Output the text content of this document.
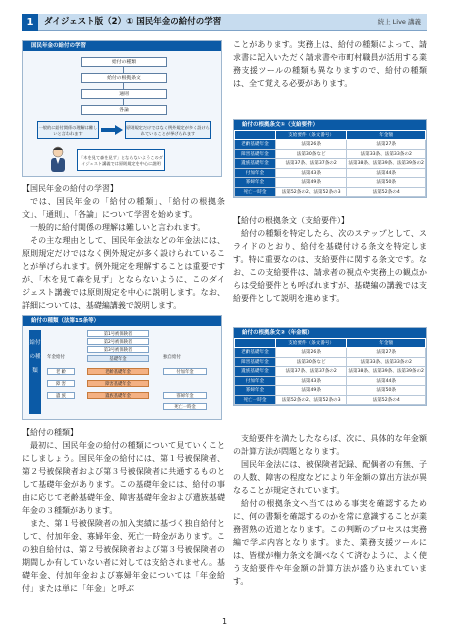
1	ダイジェスト版（2）① 国民年金の給付の学習	続上 Live 講義
国民年金の給付の学習
給付の種類
給付の根拠条文
通則
各論
一般的に給付関係の理解は難しいと言われます
原則規定だけではなく例外規定が多く設けられていることが挙げられます
「木を見て森を見ず」とならないようこのダイジェスト講義では原則規定を中心に説明

【国民年金の給付の学習】

では、国民年金の「給付の種類」、「給付の根拠条文」、「通則」、「各論」について学習を始めます。

一般的に給付関係の理解は難しいと言われます。

その主な理由として、国民年金法などの年金法には、原則規定だけではなく例外規定が多く設けられていることが挙げられます。例外規定を理解することは重要ですが、「木を見て森を見ず」とならないように、このダイジェスト講義では原則規定を中心に説明します。なお、詳細については、基礎編講義で説明します。

給付の種類（法第15条等）
給付の種類
第1号被保険者
第2号被保険者
第3号被保険者
年金給付	独自給付
基礎年金
老 齢	老齢基礎年金
障 害	障害基礎年金
遺 族	遺族基礎年金
付加年金
寡婦年金
死亡一時金

【給付の種類】

最初に、国民年金の給付の種類について見ていくことにしましょう。国民年金の給付には、第１号被保険者、第２号被保険者および第３号被保険者に共通するものとして基礎年金があります。この基礎年金には、給付の事由に応じて老齢基礎年金、障害基礎年金および遺族基礎年金の３種類があります。

また、第１号被保険者の加入実績に基づく独自給付として、付加年金、寡婦年金、死亡一時金があります。この独自給付は、第２号被保険者および第３号被保険者の期間しか有していない者に対しては支給されません。基礎年金、付加年金および寡婦年金については「年金給付」または単に「年金」と呼ぶ

ことがあります。実務上は、給付の種類によって、請求書に記入いただく請求書や市町村職員が活用する業務支援ツールの種類も異なりますので、給付の種類は、全て覚える必要があります。

給付の根拠条文①（支給要件）
	支給要件（条文番号）	年金額
老齢基礎年金	法第26条	法第27条
障害基礎年金	法第30条など	法第33条、法第33条の2
遺族基礎年金	法第37条、法第37条の2	法第38条、法第39条、法第39条の2
付加年金	法第43条	法第44条
寡婦年金	法第49条	法第50条
死亡一時金	法第52条の2、法第52条の3	法第52条の4

【給付の根拠条文（支給要件）】

給付の種類を特定したら、次のステップとして、スライドのとおり、給付を基礎付ける条文を特定します。特に重要なのは、支給要件に関する条文です。なお、この支給要件は、請求者の視点や実務上の観点からは受給要件とも呼ばれますが、基礎編の講義では支給要件として説明を進めます。

給付の根拠条文②（年金額）
	支給要件（条文番号）	年金額
老齢基礎年金	法第26条	法第27条
障害基礎年金	法第30条など	法第33条、法第33条の2
遺族基礎年金	法第37条、法第37条の2	法第38条、法第39条、法第39条の2
付加年金	法第43条	法第44条
寡婦年金	法第49条	法第50条
死亡一時金	法第52条の2、法第52条の3	法第52条の4

支給要件を満たしたならば、次に、具体的な年金額の計算方法が問題となります。

国民年金法には、被保険者記録、配偶者の有無、子の人数、障害の程度などにより年金額の算出方法が異なることが規定されています。

給付の根拠条文へ当てはめる事実を確認するために、何の書類を確認するのかを常に意識することが業務習熟の近道となります。この判断のプロセスは実務編で学ぶ内容となります。また、業務支援ツールには、皆様が権力条文を調べなくて済むように、よく使う支給要件や年金額の計算方法が盛り込まれています。

1
